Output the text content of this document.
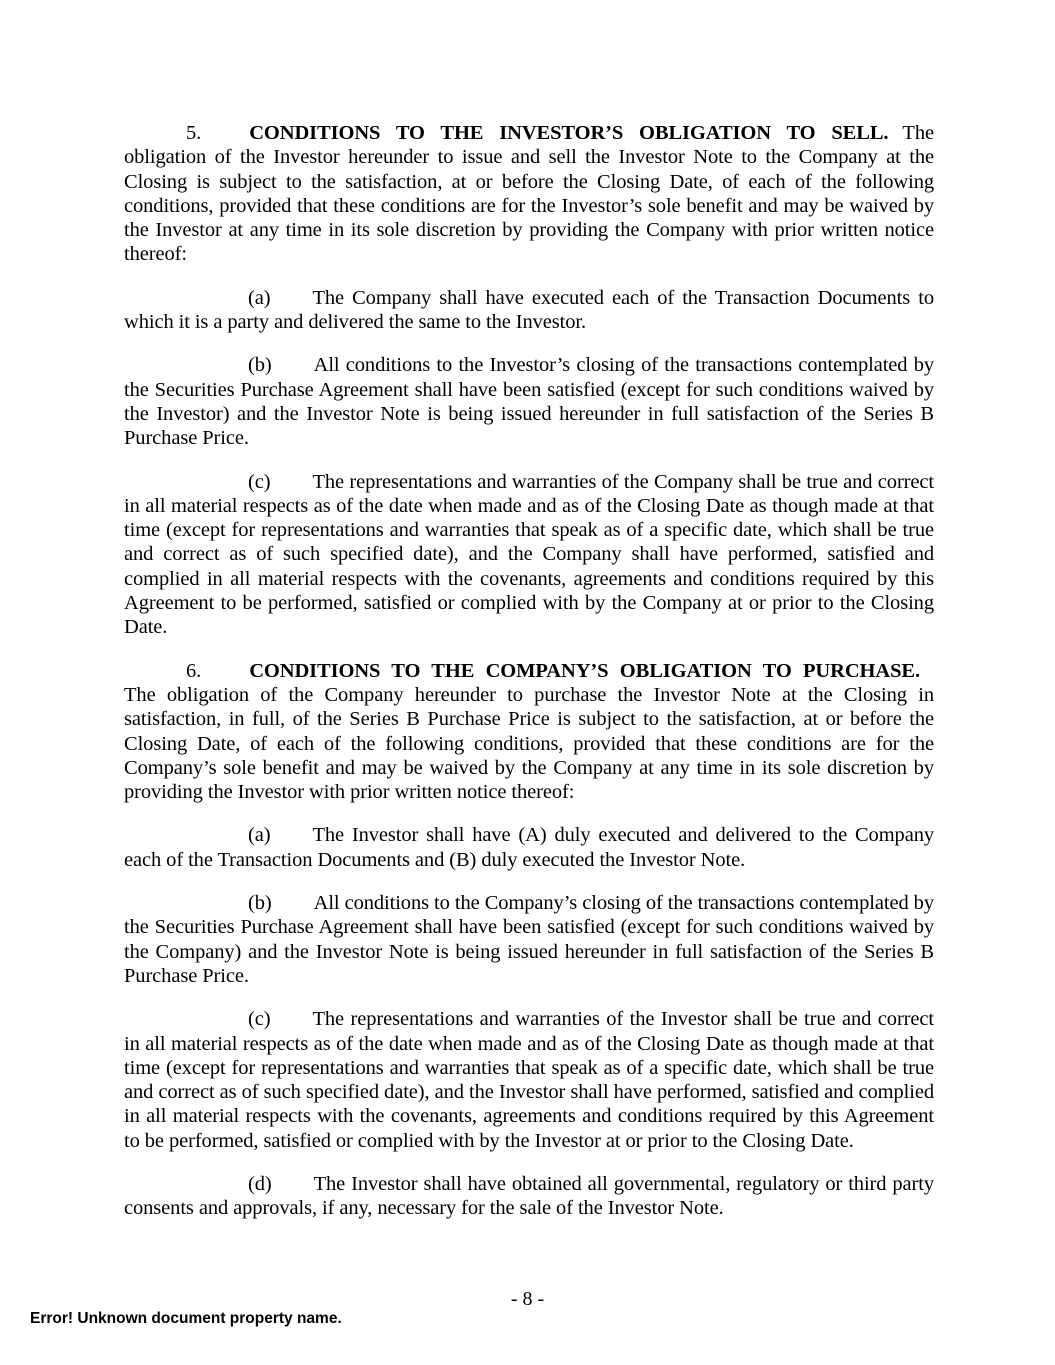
5. CONDITIONS TO THE INVESTOR’S OBLIGATION TO SELL. The obligation of the Investor hereunder to issue and sell the Investor Note to the Company at the Closing is subject to the satisfaction, at or before the Closing Date, of each of the following conditions, provided that these conditions are for the Investor’s sole benefit and may be waived by the Investor at any time in its sole discretion by providing the Company with prior written notice thereof:

(a) The Company shall have executed each of the Transaction Documents to which it is a party and delivered the same to the Investor.

(b) All conditions to the Investor’s closing of the transactions contemplated by the Securities Purchase Agreement shall have been satisfied (except for such conditions waived by the Investor) and the Investor Note is being issued hereunder in full satisfaction of the Series B Purchase Price.

(c) The representations and warranties of the Company shall be true and correct in all material respects as of the date when made and as of the Closing Date as though made at that time (except for representations and warranties that speak as of a specific date, which shall be true and correct as of such specified date), and the Company shall have performed, satisfied and complied in all material respects with the covenants, agreements and conditions required by this Agreement to be performed, satisfied or complied with by the Company at or prior to the Closing Date.

6. CONDITIONS TO THE COMPANY’S OBLIGATION TO PURCHASE.The obligation of the Company hereunder to purchase the Investor Note at the Closing in satisfaction, in full, of the Series B Purchase Price is subject to the satisfaction, at or before the Closing Date, of each of the following conditions, provided that these conditions are for the Company’s sole benefit and may be waived by the Company at any time in its sole discretion by providing the Investor with prior written notice thereof:

(a) The Investor shall have (A) duly executed and delivered to the Company each of the Transaction Documents and (B) duly executed the Investor Note.

(b) All conditions to the Company’s closing of the transactions contemplated by the Securities Purchase Agreement shall have been satisfied (except for such conditions waived by the Company) and the Investor Note is being issued hereunder in full satisfaction of the Series B Purchase Price.

(c) The representations and warranties of the Investor shall be true and correct in all material respects as of the date when made and as of the Closing Date as though made at that time (except for representations and warranties that speak as of a specific date, which shall be true and correct as of such specified date), and the Investor shall have performed, satisfied and complied in all material respects with the covenants, agreements and conditions required by this Agreement to be performed, satisfied or complied with by the Investor at or prior to the Closing Date.

(d) The Investor shall have obtained all governmental, regulatory or third party consents and approvals, if any, necessary for the sale of the Investor Note.

- 8 -
Error! Unknown document property name.
